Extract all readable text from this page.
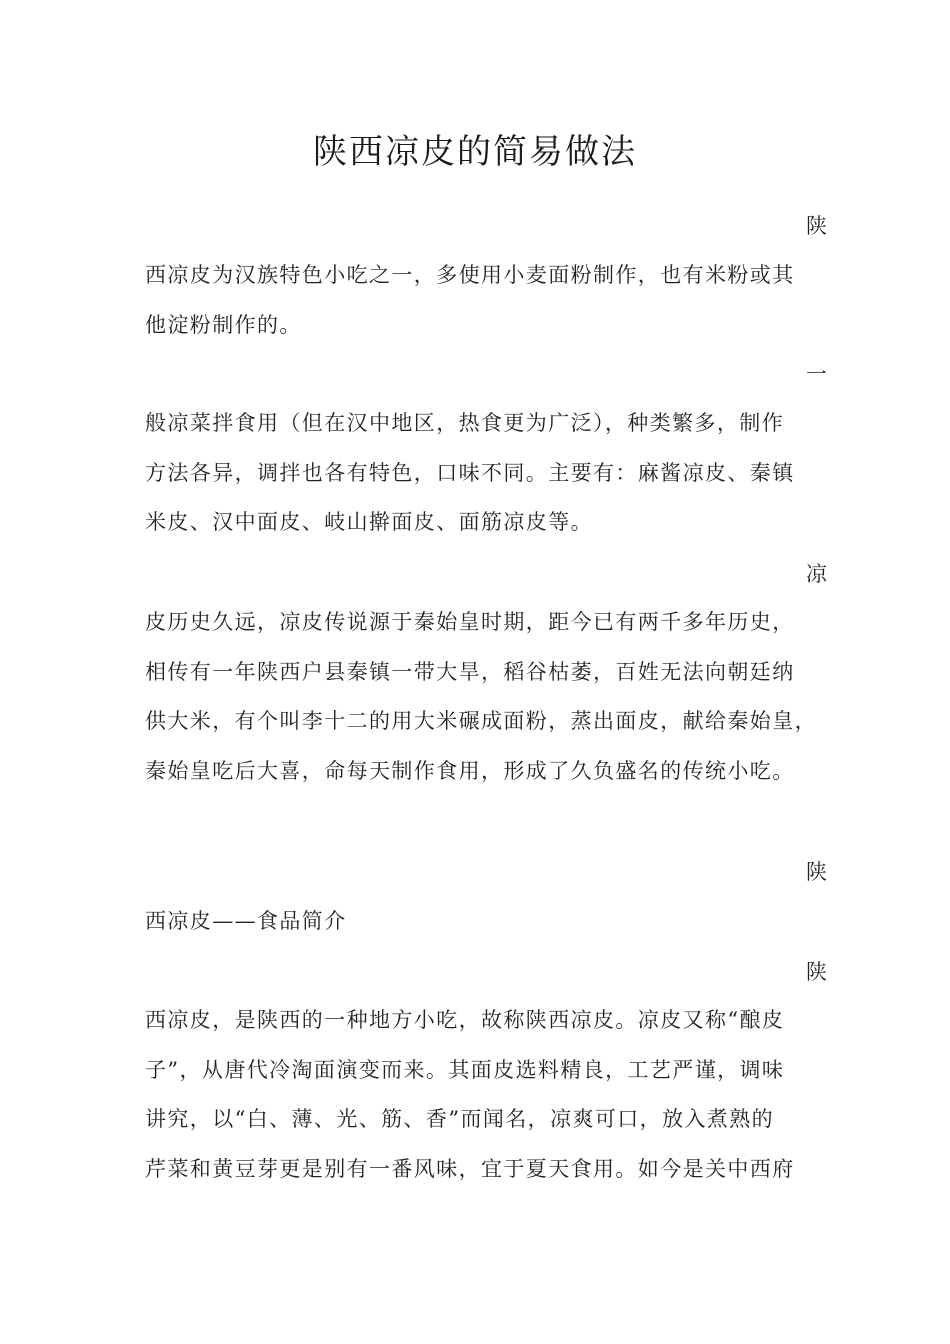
陕西凉皮的简易做法
陕
西凉皮为汉族特色小吃之一，多使用小麦面粉制作，也有米粉或其
他淀粉制作的。
一
般凉菜拌食用（但在汉中地区，热食更为广泛），种类繁多，制作
方法各异，调拌也各有特色，口味不同。主要有：麻酱凉皮、秦镇
米皮、汉中面皮、岐山擀面皮、面筋凉皮等。
凉
皮历史久远，凉皮传说源于秦始皇时期，距今已有两千多年历史，
相传有一年陕西户县秦镇一带大旱，稻谷枯萎，百姓无法向朝廷纳
供大米，有个叫李十二的用大米碾成面粉，蒸出面皮，献给秦始皇，
秦始皇吃后大喜，命每天制作食用，形成了久负盛名的传统小吃。
陕
西凉皮——食品简介
陕
西凉皮，是陕西的一种地方小吃，故称陕西凉皮。凉皮又称“酿皮
子”，从唐代冷淘面演变而来。其面皮选料精良，工艺严谨，调味
讲究，以“白、薄、光、筋、香”而闻名，凉爽可口，放入煮熟的
芹菜和黄豆芽更是别有一番风味，宜于夏天食用。如今是关中西府
